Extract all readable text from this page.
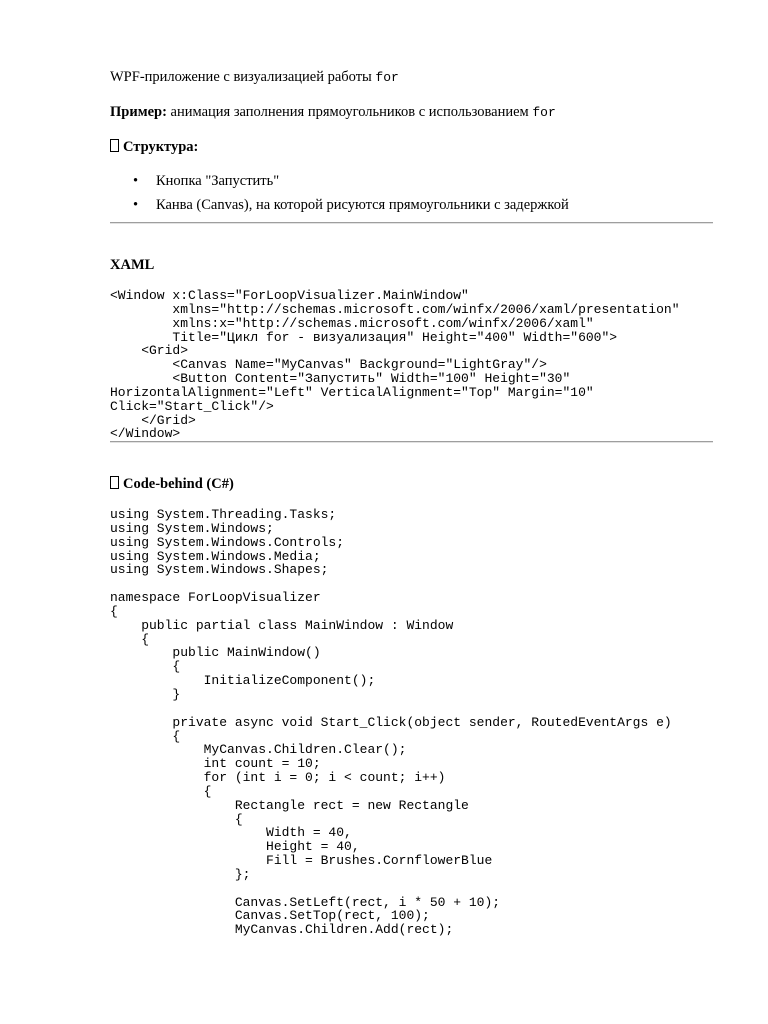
WPF-приложение с визуализацией работы for
Пример: анимация заполнения прямоугольников с использованием for
Структура:
• Кнопка "Запустить"
• Канва (Canvas), на которой рисуются прямоугольники с задержкой
XAML
<Window x:Class="ForLoopVisualizer.MainWindow"
xmlns="http://schemas.microsoft.com/winfx/2006/xaml/presentation"
xmlns:x="http://schemas.microsoft.com/winfx/2006/xaml"
Title="Цикл for - визуализация" Height="400" Width="600">
<Grid>
<Canvas Name="MyCanvas" Background="LightGray"/>
<Button Content="Запустить" Width="100" Height="30"
HorizontalAlignment="Left" VerticalAlignment="Top" Margin="10"
Click="Start_Click"/>
</Grid>
</Window>
Code-behind (C#)
using System.Threading.Tasks;
using System.Windows;
using System.Windows.Controls;
using System.Windows.Media;
using System.Windows.Shapes;

namespace ForLoopVisualizer
{
public partial class MainWindow : Window
{
public MainWindow()
{
InitializeComponent();
}

private async void Start_Click(object sender, RoutedEventArgs e)
{
MyCanvas.Children.Clear();
int count = 10;
for (int i = 0; i < count; i++)
{
Rectangle rect = new Rectangle
{
Width = 40,
Height = 40,
Fill = Brushes.CornflowerBlue
};

Canvas.SetLeft(rect, i * 50 + 10);
Canvas.SetTop(rect, 100);
MyCanvas.Children.Add(rect);
